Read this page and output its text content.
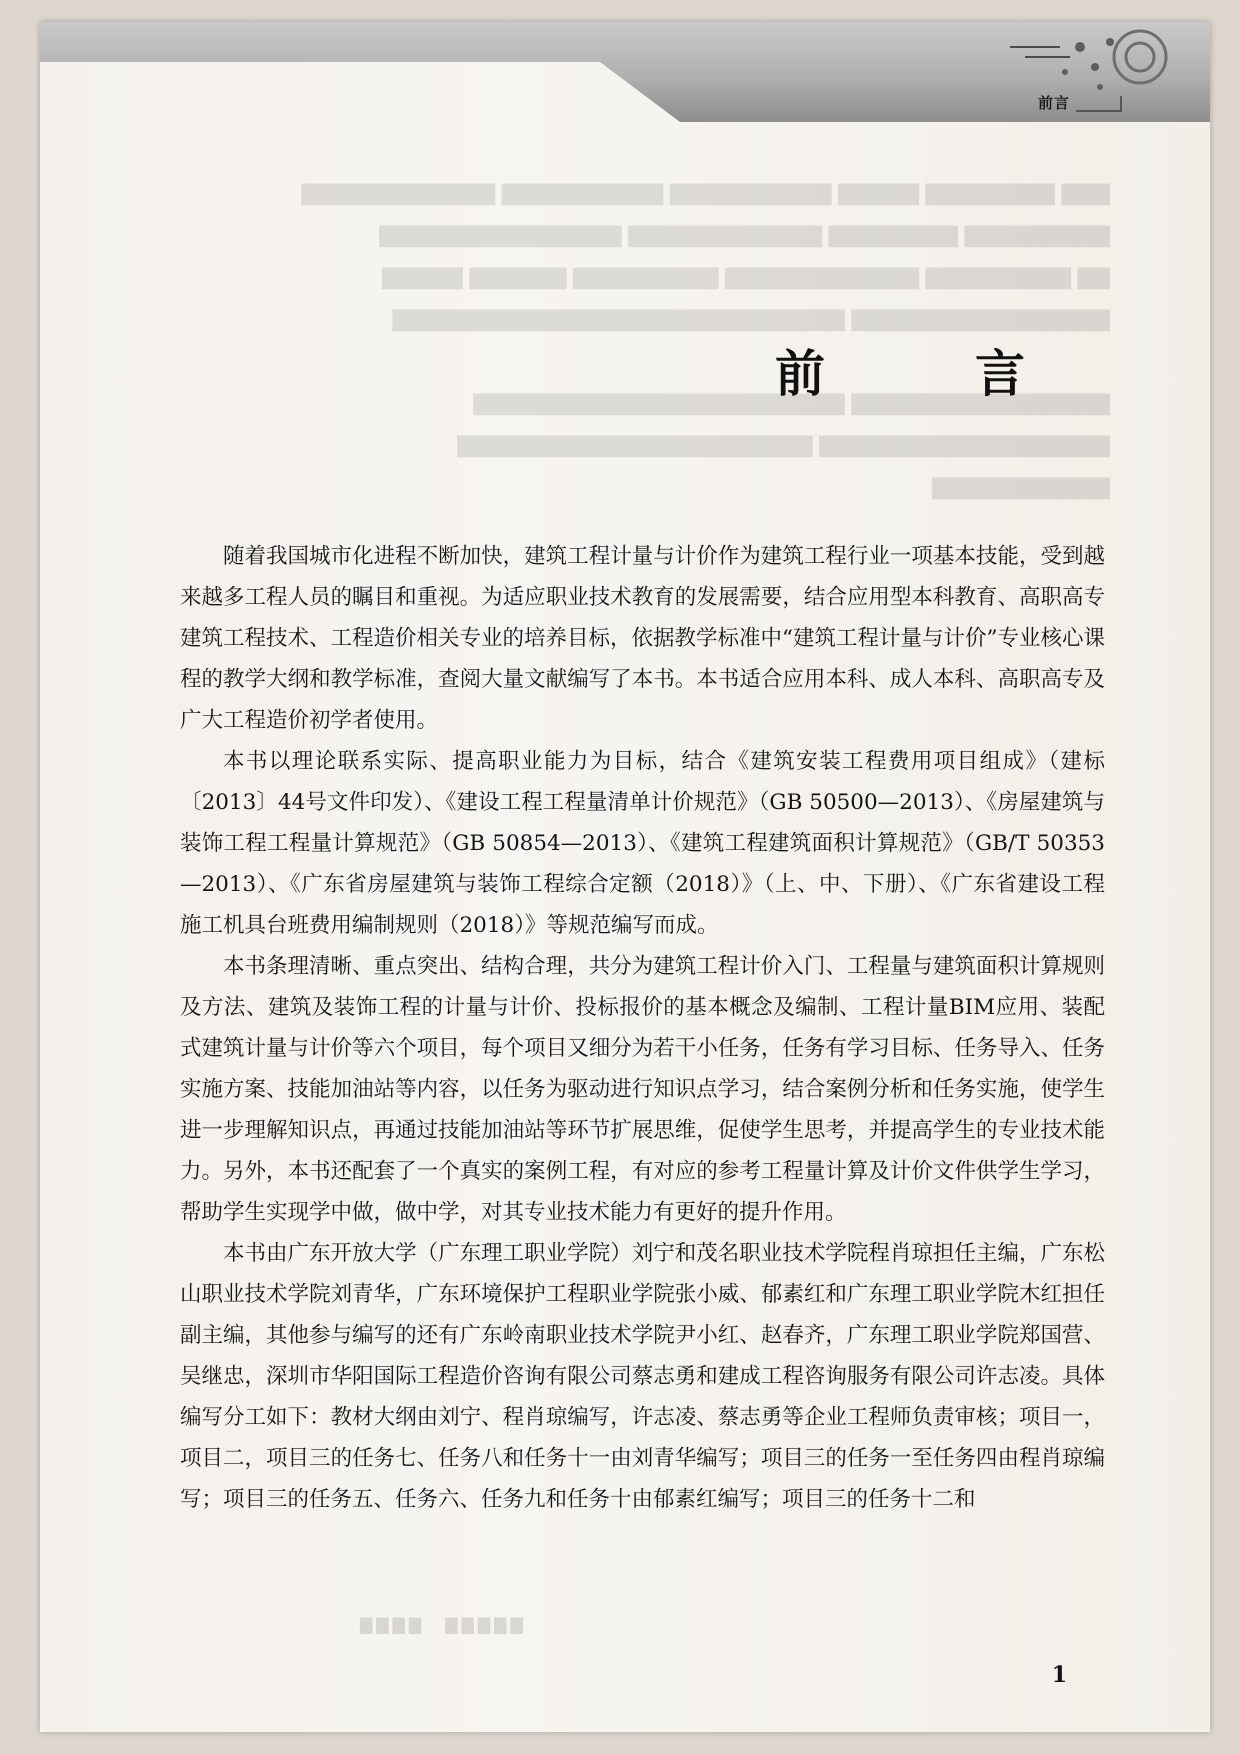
前言
▇▇▇ ▇▇▇▇▇▇▇▇ ▇▇▇▇▇ ▇▇▇▇▇▇▇▇▇▇ ▇▇▇▇▇▇▇▇▇▇ ▇▇▇▇▇▇▇▇▇▇▇▇
▇▇▇▇▇▇▇▇▇ ▇▇▇▇▇▇▇▇ ▇▇▇▇▇▇▇▇▇▇▇▇ ▇▇▇▇▇▇▇▇▇▇▇▇▇▇▇
▇▇ ▇▇▇▇▇▇▇▇▇ ▇▇▇▇▇▇▇▇▇▇▇▇ ▇▇▇▇▇▇▇▇▇ ▇▇▇▇▇▇ ▇▇▇▇▇
▇▇▇▇▇▇▇▇▇▇▇▇▇▇▇▇ ▇▇▇▇▇▇▇▇▇▇▇▇▇▇▇▇▇▇▇▇▇▇▇▇▇▇▇▇

▇▇▇▇▇▇▇▇▇▇▇▇▇▇▇▇ ▇▇▇▇▇▇▇▇▇▇▇▇▇▇▇▇▇▇▇▇▇▇▇
▇▇▇▇▇▇▇▇▇▇▇▇▇▇▇▇▇▇ ▇▇▇▇▇▇▇▇▇▇▇▇▇▇▇▇▇▇▇▇▇▇
▇▇▇▇▇▇▇▇▇▇▇
前　言

随着我国城市化进程不断加快，建筑工程计量与计价作为建筑工程行业一项基本技能，受到越来越多工程人员的瞩目和重视。为适应职业技术教育的发展需要，结合应用型本科教育、高职高专建筑工程技术、工程造价相关专业的培养目标，依据教学标准中“建筑工程计量与计价”专业核心课程的教学大纲和教学标准，查阅大量文献编写了本书。本书适合应用本科、成人本科、高职高专及广大工程造价初学者使用。

本书以理论联系实际、提高职业能力为目标，结合《建筑安装工程费用项目组成》（建标〔2013〕44号文件印发）、《建设工程工程量清单计价规范》（GB 50500—2013）、《房屋建筑与装饰工程工程量计算规范》（GB 50854—2013）、《建筑工程建筑面积计算规范》（GB/T 50353—2013）、《广东省房屋建筑与装饰工程综合定额（2018）》（上、中、下册）、《广东省建设工程施工机具台班费用编制规则（2018）》等规范编写而成。

本书条理清晰、重点突出、结构合理，共分为建筑工程计价入门、工程量与建筑面积计算规则及方法、建筑及装饰工程的计量与计价、投标报价的基本概念及编制、工程计量BIM应用、装配式建筑计量与计价等六个项目，每个项目又细分为若干小任务，任务有学习目标、任务导入、任务实施方案、技能加油站等内容，以任务为驱动进行知识点学习，结合案例分析和任务实施，使学生进一步理解知识点，再通过技能加油站等环节扩展思维，促使学生思考，并提高学生的专业技术能力。另外，本书还配套了一个真实的案例工程，有对应的参考工程量计算及计价文件供学生学习，帮助学生实现学中做，做中学，对其专业技术能力有更好的提升作用。

本书由广东开放大学（广东理工职业学院）刘宁和茂名职业技术学院程肖琼担任主编，广东松山职业技术学院刘青华，广东环境保护工程职业学院张小威、郁素红和广东理工职业学院木红担任副主编，其他参与编写的还有广东岭南职业技术学院尹小红、赵春齐，广东理工职业学院郑国营、吴继忠，深圳市华阳国际工程造价咨询有限公司蔡志勇和建成工程咨询服务有限公司许志凌。具体编写分工如下：教材大纲由刘宁、程肖琼编写，许志凌、蔡志勇等企业工程师负责审核；项目一，项目二，项目三的任务七、任务八和任务十一由刘青华编写；项目三的任务一至任务四由程肖琼编写；项目三的任务五、任务六、任务九和任务十由郁素红编写；项目三的任务十二和

▇▇▇▇　▇▇▇▇▇
1
